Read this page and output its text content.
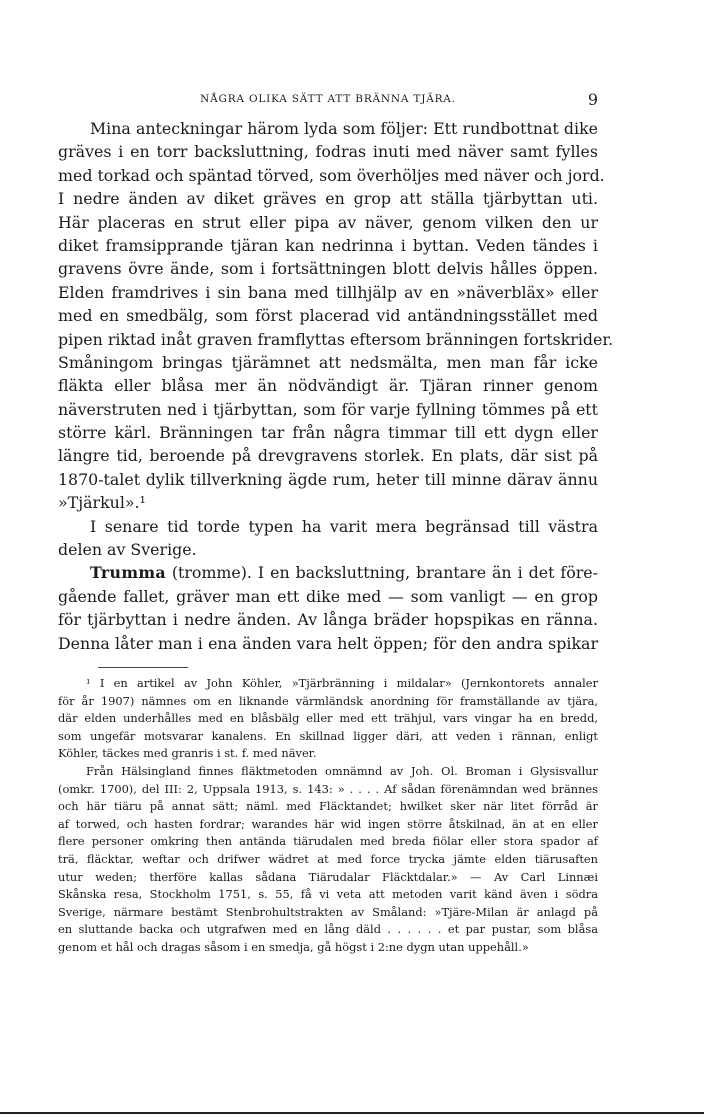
NÅGRA OLIKA SÄTT ATT BRÄNNA TJÄRA.	9
Mina anteckningar härom lyda som följer: Ett rundbottnat dike
gräves i en torr backsluttning, fodras inuti med näver samt fylles
med torkad och späntad törved, som överhöljes med näver och jord.
I nedre änden av diket gräves en grop att ställa tjärbyttan uti.
Här placeras en strut eller pipa av näver, genom vilken den ur
diket framsipprande tjäran kan nedrinna i byttan. Veden tändes i
gravens övre ände, som i fortsättningen blott delvis hålles öppen.
Elden framdrives i sin bana med tillhjälp av en »näverbläx» eller
med en smedbälg, som först placerad vid antändningsstället med
pipen riktad inåt graven framflyttas eftersom bränningen fortskrider.
Småningom bringas tjärämnet att nedsmälta, men man får icke
fläkta eller blåsa mer än nödvändigt är. Tjäran rinner genom
näverstruten ned i tjärbyttan, som för varje fyllning tömmes på ett
större kärl. Bränningen tar från några timmar till ett dygn eller
längre tid, beroende på drevgravens storlek. En plats, där sist på
1870-talet dylik tillverkning ägde rum, heter till minne därav ännu
»Tjärkul».¹
I senare tid torde typen ha varit mera begränsad till västra
delen av Sverige.
Trumma (tromme). I en backsluttning, brantare än i det före-
gående fallet, gräver man ett dike med — som vanligt — en grop
för tjärbyttan i nedre änden. Av långa bräder hopspikas en ränna.
Denna låter man i ena änden vara helt öppen; för den andra spikar
¹ I en artikel av John Köhler, »Tjärbränning i mildalar» (Jernkontorets annaler
för år 1907) nämnes om en liknande värmländsk anordning för framställande av tjära,
där elden underhålles med en blåsbälg eller med ett trähjul, vars vingar ha en bredd,
som ungefär motsvarar kanalens. En skillnad ligger däri, att veden i rännan, enligt
Köhler, täckes med granris i st. f. med näver.
Från Hälsingland finnes fläktmetoden omnämnd av Joh. Ol. Broman i Glysisvallur
(omkr. 1700), del III: 2, Uppsala 1913, s. 143: » . . . . Af sådan förenämndan wed brännes
och här tiäru på annat sätt; näml. med Fläcktandet; hwilket sker när litet förråd är
af torwed, och hasten fordrar; warandes här wid ingen större åtskilnad, än at en eller
flere personer omkring then antända tiärudalen med breda fiölar eller stora spador af
trä, fläcktar, weftar och drifwer wädret at med force trycka jämte elden tiärusaften
utur weden; therföre kallas sådana Tiärudalar Fläcktdalar.» — Av Carl Linnæi
Skånska resa, Stockholm 1751, s. 55, få vi veta att metoden varit känd även i södra
Sverige, närmare bestämt Stenbrohultstrakten av Småland: »Tjäre-Milan är anlagd på
en sluttande backa och utgrafwen med en lång däld . . . . . . et par pustar, som blåsa
genom et hål och dragas såsom i en smedja, gå högst i 2:ne dygn utan uppehåll.»
